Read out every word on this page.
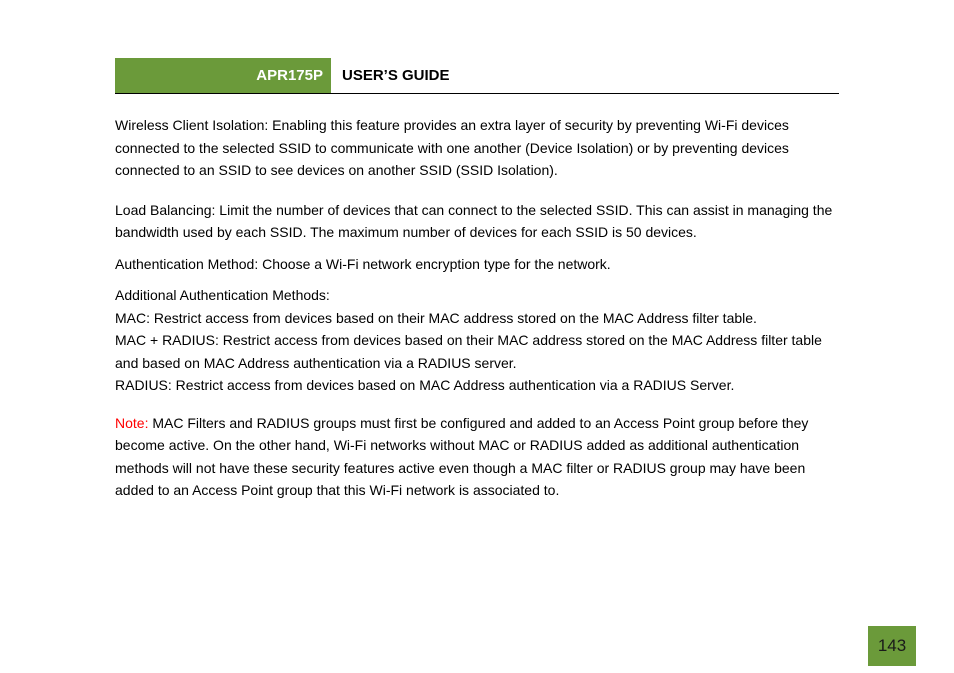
APR175P	USER’S GUIDE

Wireless Client Isolation: Enabling this feature provides an extra layer of security by preventing Wi-Fi devices connected to the selected SSID to communicate with one another (Device Isolation) or by preventing devices connected to an SSID to see devices on another SSID (SSID Isolation).

Load Balancing: Limit the number of devices that can connect to the selected SSID. This can assist in managing the bandwidth used by each SSID. The maximum number of devices for each SSID is 50 devices.

Authentication Method: Choose a Wi-Fi network encryption type for the network.

Additional Authentication Methods:

MAC: Restrict access from devices based on their MAC address stored on the MAC Address filter table.

MAC + RADIUS: Restrict access from devices based on their MAC address stored on the MAC Address filter table and based on MAC Address authentication via a RADIUS server.

RADIUS: Restrict access from devices based on MAC Address authentication via a RADIUS Server.

Note: MAC Filters and RADIUS groups must first be configured and added to an Access Point group before they become active. On the other hand, Wi-Fi networks without MAC or RADIUS added as additional authentication methods will not have these security features active even though a MAC filter or RADIUS group may have been added to an Access Point group that this Wi-Fi network is associated to.

143
